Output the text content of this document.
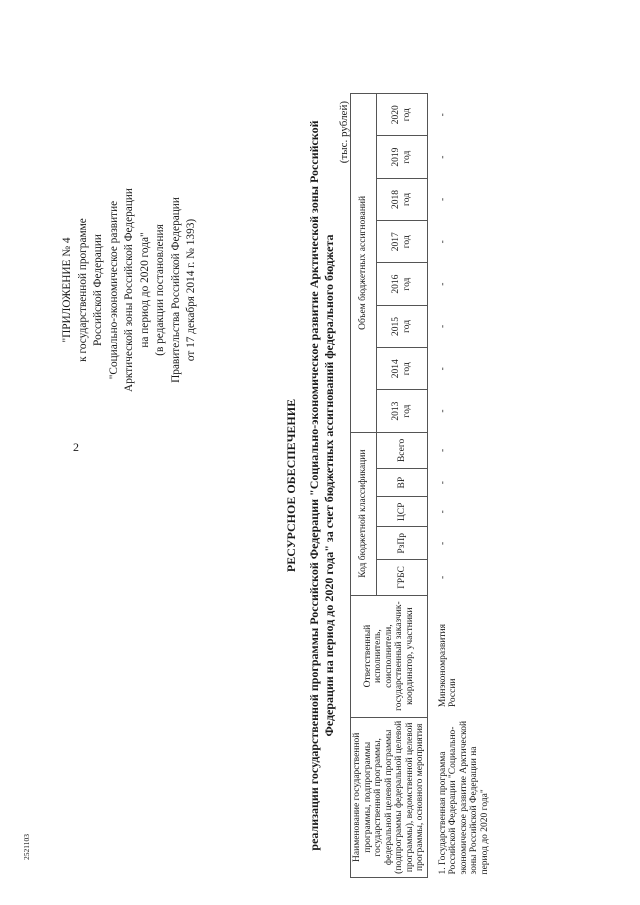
2
2521103
"ПРИЛОЖЕНИЕ № 4 к государственной программе Российской Федерации "Социально-экономическое развитие Арктической зоны Российской Федерации на период до 2020 года" (в редакции постановления Правительства Российской Федерации от 17 декабря 2014 г. № 1393)
РЕСУРСНОЕ ОБЕСПЕЧЕНИЕ реализации государственной программы Российской Федерации "Социально-экономическое развитие Арктической зоны Российской Федерации на период до 2020 года" за счет бюджетных ассигнований федерального бюджета
(тыс. рублей)
Наименование государственной программы, подпрограммы государственной программы, федеральной целевой программы (подпрограммы федеральной целевой программы), ведомственной целевой программы, основного мероприятия	Ответственный исполнитель, соисполнители, государственный заказчик-координатор, участники	Код бюджетной классификации					Объем бюджетных ассигнований							
		ГРБС	РзПр	ЦСР	ВР	Всего	2013 год	2014 год	2015 год	2016 год	2017 год	2018 год	2019 год	2020 год

1. Государственная программа Российской Федерации "Социально-экономическое развитие Арктической зоны Российской Федерации на период до 2020 года"	Минэкономразвития России	-	-	-	-	-	-	-	-	-	-	-	-	-
